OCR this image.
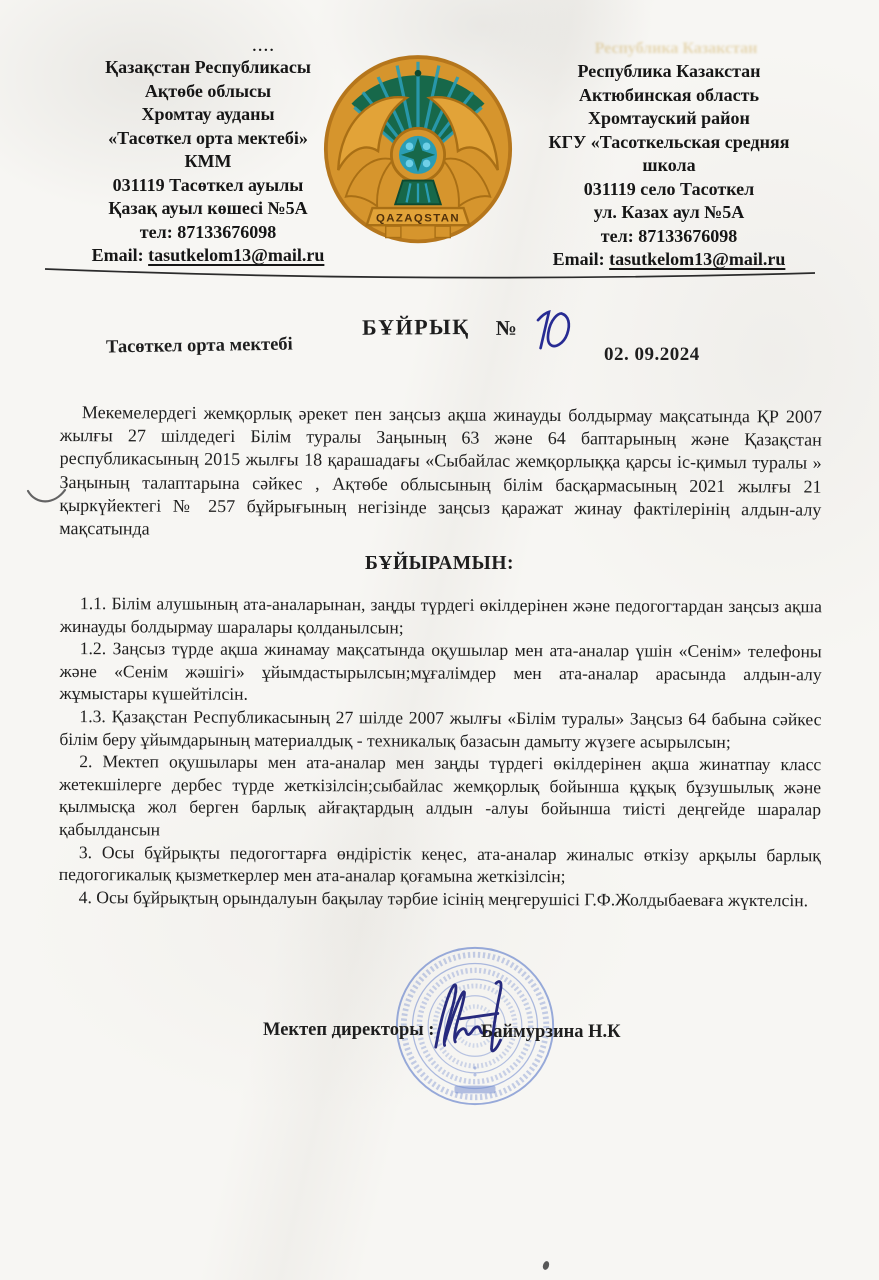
Республика Казакстан
....
Қазақстан Республикасы
Ақтөбе облысы
Хромтау ауданы
«Тасөткел орта мектебі»
КММ
031119 Тасөткел ауылы
Қазақ ауыл көшесі №5А
тел: 87133676098
Email: tasutkelom13@mail.ru
QAZAQSTAN
Республика Казакстан
Актюбинская область
Хромтауский район
КГУ «Тасоткельская средняя
школа
031119 село Тасоткел
ул. Казах аул №5А
тел: 87133676098
Email: tasutkelom13@mail.ru
БҰЙРЫҚ №
Тасөткел орта мектебі	02. 09.2024

Мекемелердегі жемқорлық әрекет пен заңсыз ақша жинауды болдырмау мақсатында ҚР 2007 жылғы 27 шілдедегі Білім туралы Заңының 63 және 64 баптарының және Қазақстан республикасының 2015 жылғы 18 қарашадағы «Сыбайлас жемқорлыққа қарсы іс-қимыл туралы » Заңының талаптарына сәйкес , Ақтөбе облысының білім басқармасының 2021 жылғы 21 қыркүйектегі № 257 бұйрығының негізінде заңсыз қаражат жинау фактілерінің алдын-алу мақсатында

БҰЙЫРАМЫН:

1.1. Білім алушының ата-аналарынан, заңды түрдегі өкілдерінен және педогогтардан заңсыз ақша жинауды болдырмау шаралары қолданылсын;

1.2. Заңсыз түрде ақша жинамау мақсатында оқушылар мен ата-аналар үшін «Сенім» телефоны және «Сенім жәшігі» ұйымдастырылсын;мұғалімдер мен ата-аналар арасында алдын-алу жұмыстары күшейтілсін.

1.3. Қазақстан Республикасының 27 шілде 2007 жылғы «Білім туралы» Заңсыз 64 бабына сәйкес білім беру ұйымдарының материалдық - техникалық базасын дамыту жүзеге асырылсын;

2. Мектеп оқушылары мен ата-аналар мен заңды түрдегі өкілдерінен ақша жинатпау класс жетекшілерге дербес түрде жеткізілсін;сыбайлас жемқорлық бойынша құқық бұзушылық және қылмысқа жол берген барлық айғақтардың алдын -алуы бойынша тиісті деңгейде шаралар қабылдансын

3. Осы бұйрықты педогогтарға өндірістік кеңес, ата-аналар жиналыс өткізу арқылы барлық педогогикалық қызметкерлер мен ата-аналар қоғамына жеткізілсін;

4. Осы бұйрықтың орындалуын бақылау тәрбие ісінің меңгерушісі Г.Ф.Жолдыбаеваға жүктелсін.

Мектеп директоры :	Баймурзина Н.К
